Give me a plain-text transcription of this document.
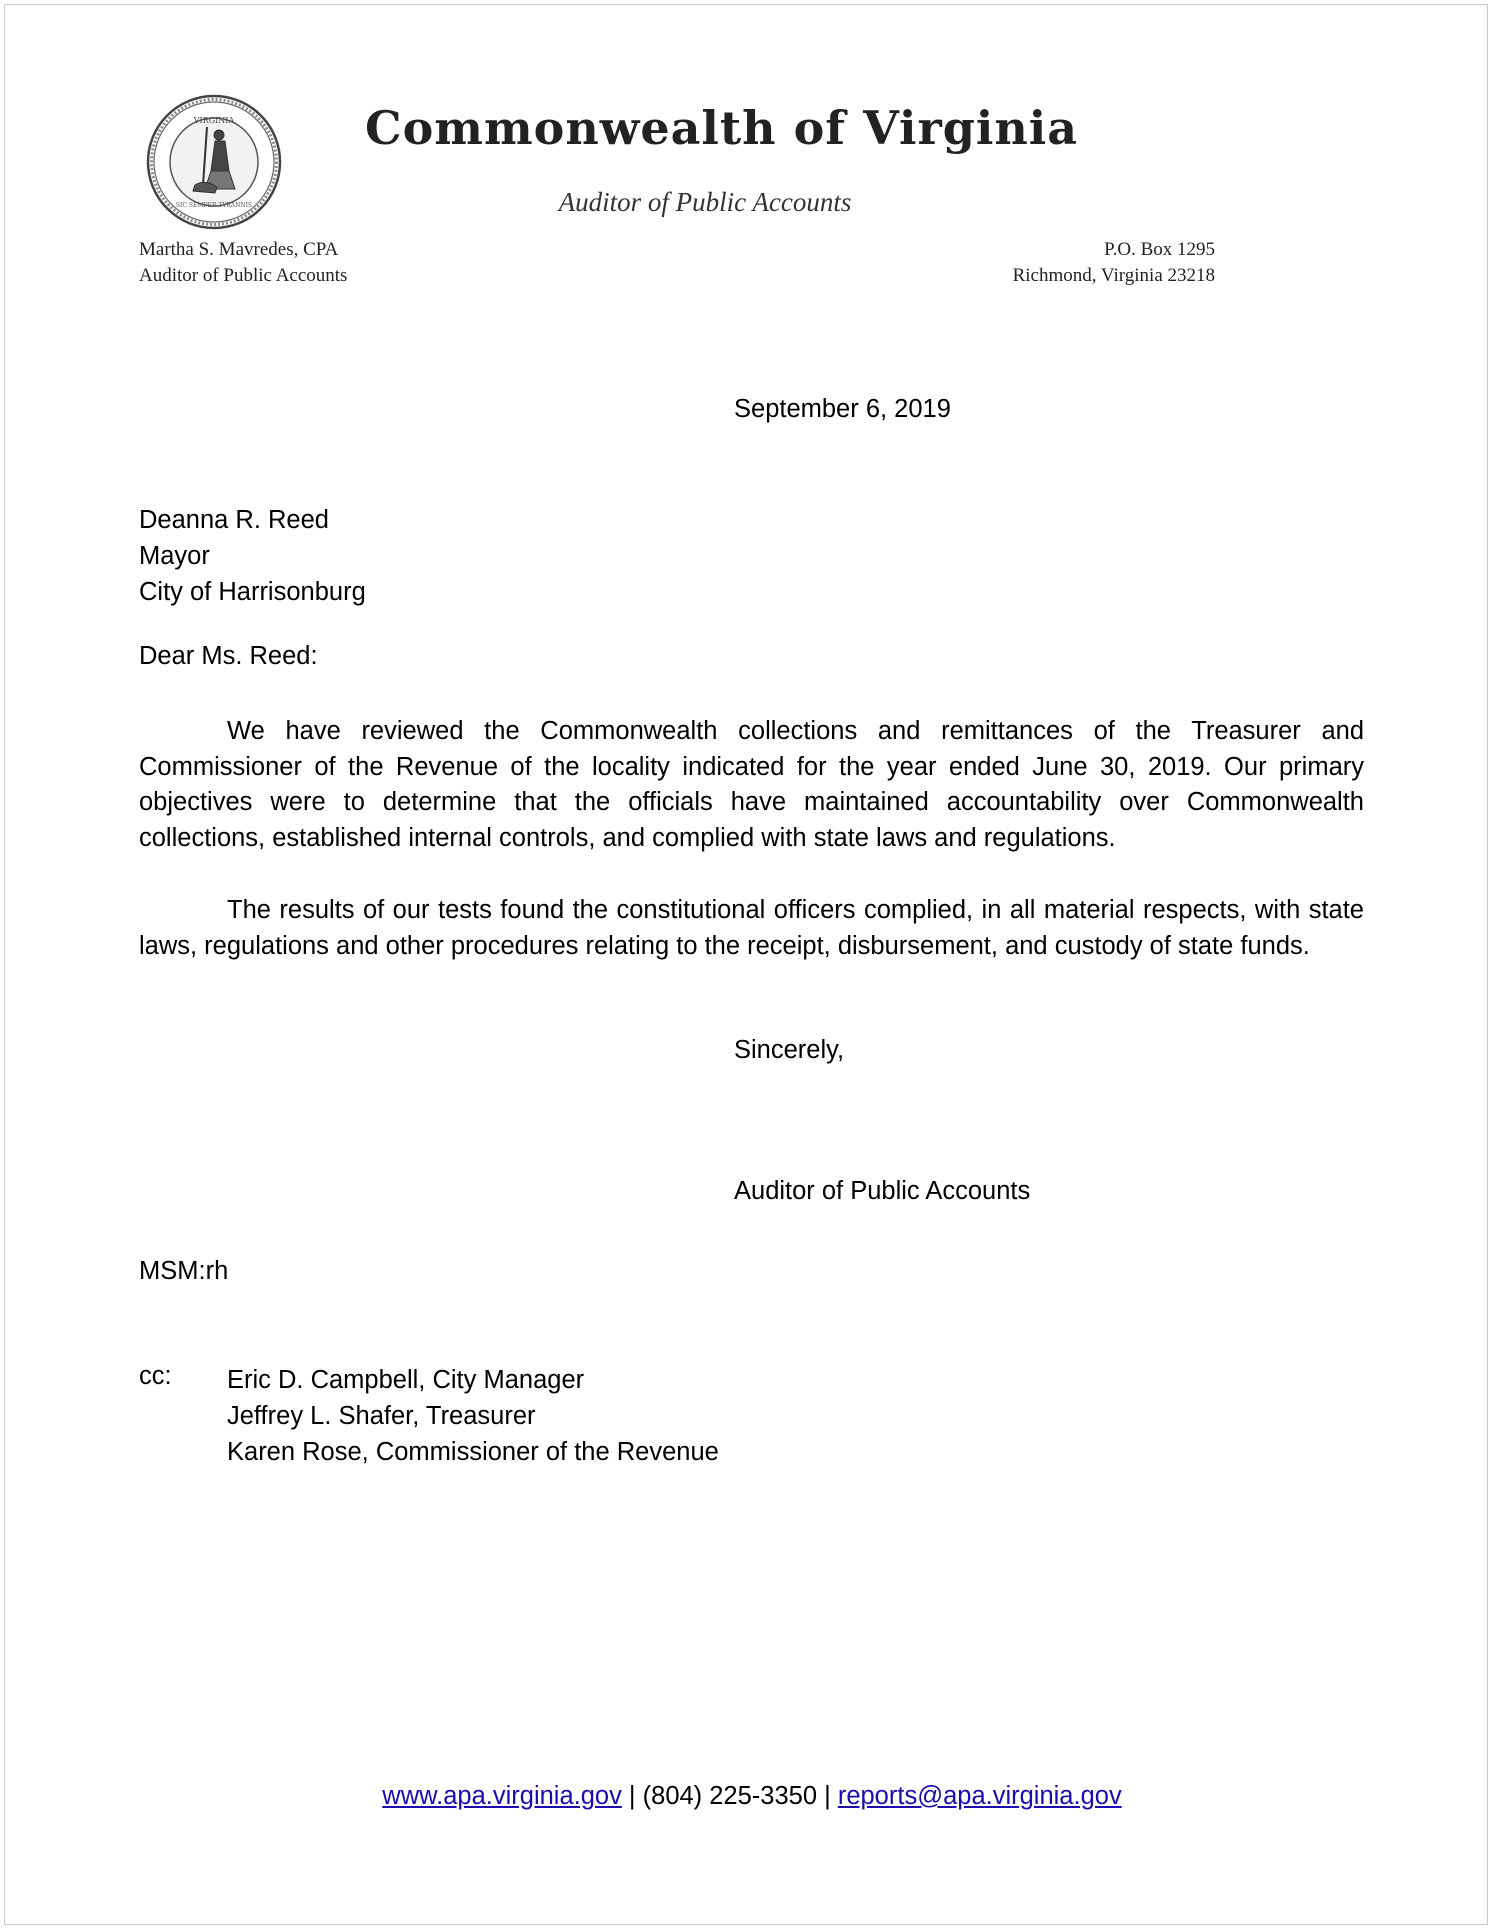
VIRGINIA
SIC SEMPER TYRANNIS
Commonwealth of Virginia
Auditor of Public Accounts
Martha S. Mavredes, CPA
Auditor of Public Accounts
P.O. Box 1295
Richmond, Virginia 23218
September 6, 2019
Deanna R. Reed
Mayor
City of Harrisonburg
Dear Ms. Reed:

We have reviewed the Commonwealth collections and remittances of the Treasurer and Commissioner of the Revenue of the locality indicated for the year ended June 30, 2019. Our primary objectives were to determine that the officials have maintained accountability over Commonwealth collections, established internal controls, and complied with state laws and regulations.

The results of our tests found the constitutional officers complied, in all material respects, with state laws, regulations and other procedures relating to the receipt, disbursement, and custody of state funds.

Sincerely,
Auditor of Public Accounts
MSM:rh
cc: Eric D. Campbell, City Manager
Jeffrey L. Shafer, Treasurer
Karen Rose, Commissioner of the Revenue
www.apa.virginia.gov | (804) 225-3350 | reports@apa.virginia.gov
